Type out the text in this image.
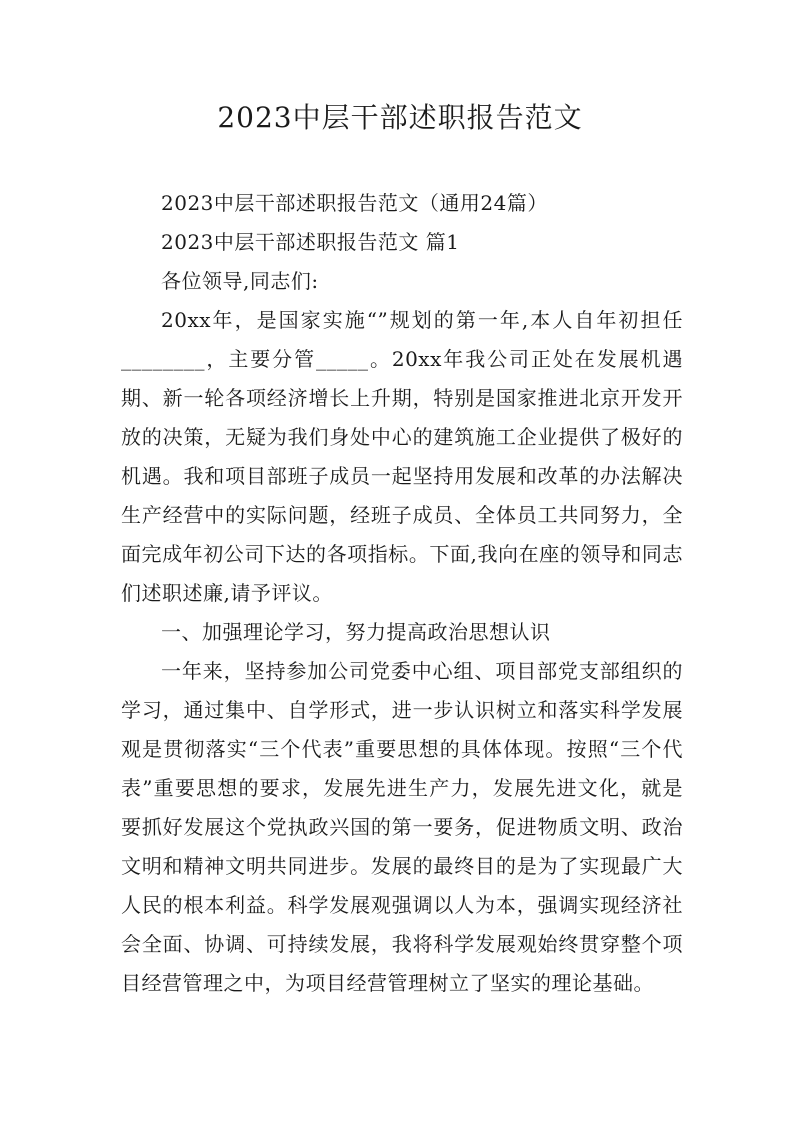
2023中层干部述职报告范文

2023中层干部述职报告范文（通用24篇）

2023中层干部述职报告范文 篇1

各位领导,同志们:

20xx年，是国家实施“”规划的第一年,本人自年初担任________，主要分管_____。20xx年我公司正处在发展机遇期、新一轮各项经济增长上升期，特别是国家推进北京开发开放的决策，无疑为我们身处中心的建筑施工企业提供了极好的机遇。我和项目部班子成员一起坚持用发展和改革的办法解决生产经营中的实际问题，经班子成员、全体员工共同努力，全面完成年初公司下达的各项指标。下面,我向在座的领导和同志们述职述廉,请予评议。

一、加强理论学习，努力提高政治思想认识

一年来，坚持参加公司党委中心组、项目部党支部组织的学习，通过集中、自学形式，进一步认识树立和落实科学发展观是贯彻落实“三个代表”重要思想的具体体现。按照“三个代表”重要思想的要求，发展先进生产力，发展先进文化，就是要抓好发展这个党执政兴国的第一要务，促进物质文明、政治文明和精神文明共同进步。发展的最终目的是为了实现最广大人民的根本利益。科学发展观强调以人为本，强调实现经济社会全面、协调、可持续发展，我将科学发展观始终贯穿整个项目经营管理之中，为项目经营管理树立了坚实的理论基础。
